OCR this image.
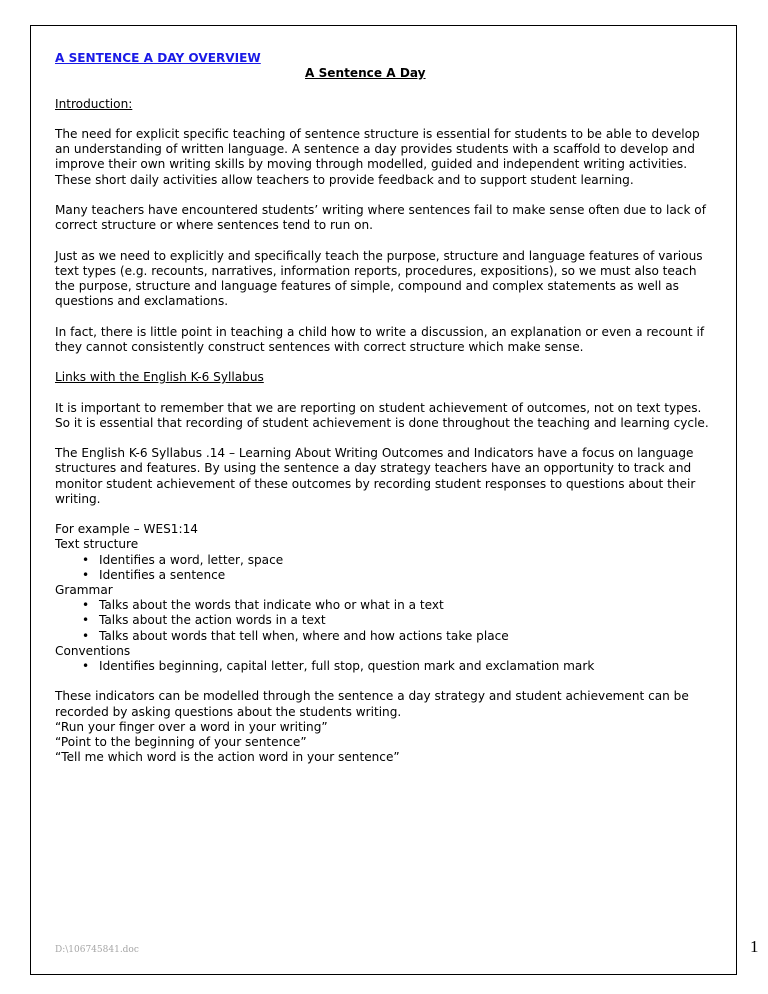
A SENTENCE A DAY OVERVIEW
A Sentence A Day

Introduction:

The need for explicit specific teaching of sentence structure is essential for students to be able to develop an understanding of written language. A sentence a day provides students with a scaffold to develop and improve their own writing skills by moving through modelled, guided and independent writing activities. These short daily activities allow teachers to provide feedback and to support student learning.

Many teachers have encountered students’ writing where sentences fail to make sense often due to lack of correct structure or where sentences tend to run on.

Just as we need to explicitly and specifically teach the purpose, structure and language features of various text types (e.g. recounts, narratives, information reports, procedures, expositions), so we must also teach the purpose, structure and language features of simple, compound and complex statements as well as questions and exclamations.

In fact, there is little point in teaching a child how to write a discussion, an explanation or even a recount if they cannot consistently construct sentences with correct structure which make sense.

Links with the English K-6 Syllabus

It is important to remember that we are reporting on student achievement of outcomes, not on text types. So it is essential that recording of student achievement is done throughout the teaching and learning cycle.

The English K-6 Syllabus .14 – Learning About Writing Outcomes and Indicators have a focus on language structures and features. By using the sentence a day strategy teachers have an opportunity to track and monitor student achievement of these outcomes by recording student responses to questions about their writing.

For example – WES1:14
Text structure
• Identifies a word, letter, space
• Identifies a sentence
Grammar
• Talks about the words that indicate who or what in a text
• Talks about the action words in a text
• Talks about words that tell when, where and how actions take place
Conventions
• Identifies beginning, capital letter, full stop, question mark and exclamation mark
These indicators can be modelled through the sentence a day strategy and student achievement can be recorded by asking questions about the students writing.
“Run your finger over a word in your writing”
“Point to the beginning of your sentence”
“Tell me which word is the action word in your sentence”
D:\106745841.doc	1
